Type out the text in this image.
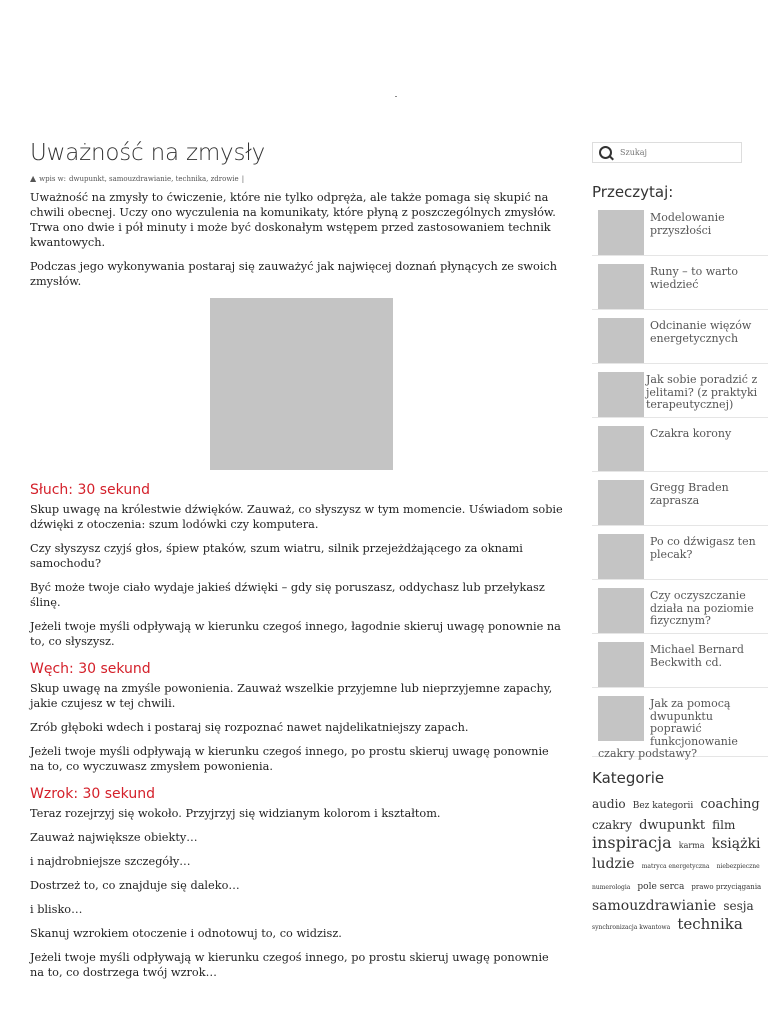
Uważność na zmysły
▲ wpis w: dwupunkt, samouzdrawianie, technika, zdrowie |

Uważność na zmysły to ćwiczenie, które nie tylko odpręża, ale także pomaga się skupić na chwili obecnej. Uczy ono wyczulenia na komunikaty, które płyną z poszczególnych zmysłów. Trwa ono dwie i pół minuty i może być doskonałym wstępem przed zastosowaniem technik kwantowych.

Podczas jego wykonywania postaraj się zauważyć jak najwięcej doznań płynących ze swoich zmysłów.

Słuch: 30 sekund

Skup uwagę na królestwie dźwięków. Zauważ, co słyszysz w tym momencie. Uświadom sobie dźwięki z otoczenia: szum lodówki czy komputera.

Czy słyszysz czyjś głos, śpiew ptaków, szum wiatru, silnik przejeżdżającego za oknami samochodu?

Być może twoje ciało wydaje jakieś dźwięki – gdy się poruszasz, oddychasz lub przełykasz ślinę.

Jeżeli twoje myśli odpływają w kierunku czegoś innego, łagodnie skieruj uwagę ponownie na to, co słyszysz.

Węch: 30 sekund

Skup uwagę na zmyśle powonienia. Zauważ wszelkie przyjemne lub nieprzyjemne zapachy, jakie czujesz w tej chwili.

Zrób głęboki wdech i postaraj się rozpoznać nawet najdelikatniejszy zapach.

Jeżeli twoje myśli odpływają w kierunku czegoś innego, po prostu skieruj uwagę ponownie na to, co wyczuwasz zmysłem powonienia.

Wzrok: 30 sekund

Teraz rozejrzyj się wokoło. Przyjrzyj się widzianym kolorom i kształtom.

Zauważ największe obiekty…

i najdrobniejsze szczegóły…

Dostrzeż to, co znajduje się daleko…

i blisko…

Skanuj wzrokiem otoczenie i odnotowuj to, co widzisz.

Jeżeli twoje myśli odpływają w kierunku czegoś innego, po prostu skieruj uwagę ponownie na to, co dostrzega twój wzrok…

Szukaj
Przeczytaj:
Modelowanie
przyszłości
Runy – to warto
wiedzieć
Odcinanie więzów
energetycznych
Jak sobie poradzić z
jelitami? (z praktyki
terapeutycznej)
Czakra korony
Gregg Braden
zaprasza
Po co dźwigasz ten
plecak?
Czy oczyszczanie
działa na poziomie
fizycznym?
Michael Bernard
Beckwith cd.
Jak za pomocą
dwupunktu
poprawić
funkcjonowanie
czakry podstawy?
Kategorie
audio Bez kategorii coaching czakry dwupunkt film inspiracja karma książki ludzie matryca energetyczna niebezpieczne numerologia pole serca prawo przyciągania samouzdrawianie sesja synchronizacja kwantowa technika
